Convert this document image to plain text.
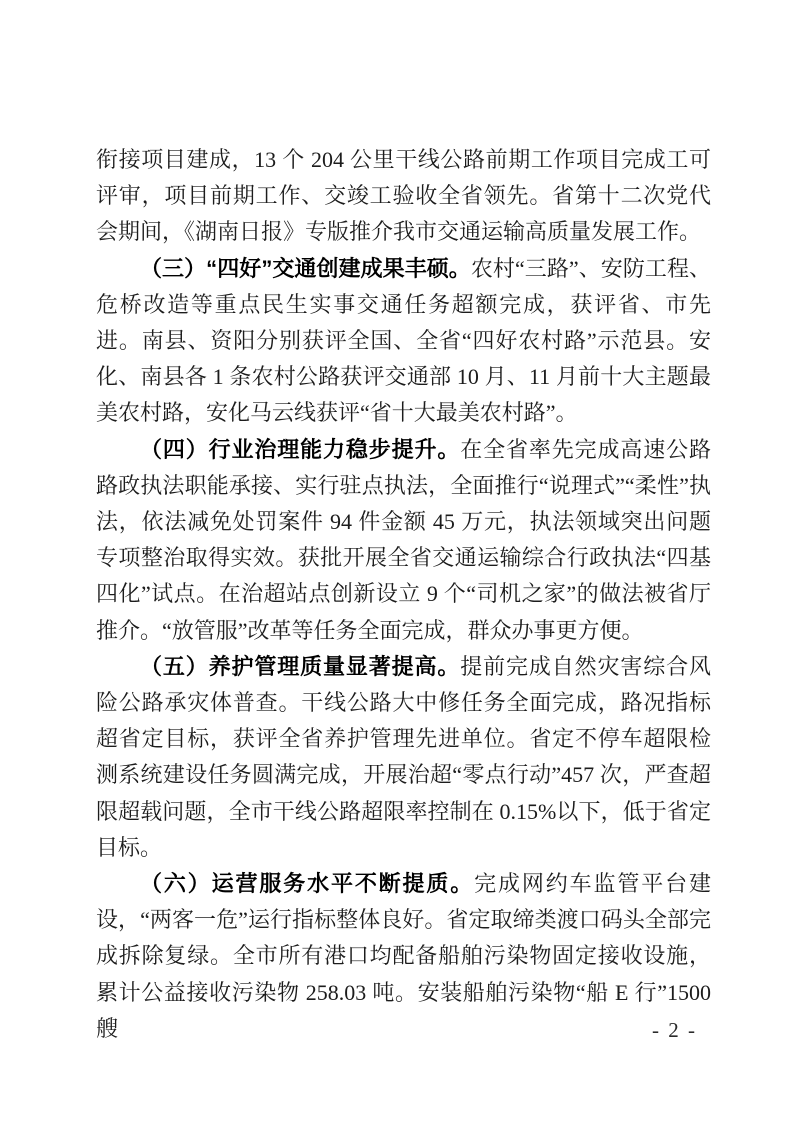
衔接项目建成，13 个 204 公里干线公路前期工作项目完成工可评审，项目前期工作、交竣工验收全省领先。省第十二次党代会期间，《湖南日报》专版推介我市交通运输高质量发展工作。

（三）“四好”交通创建成果丰硕。农村“三路”、安防工程、危桥改造等重点民生实事交通任务超额完成，获评省、市先进。南县、资阳分别获评全国、全省“四好农村路”示范县。安化、南县各 1 条农村公路获评交通部 10 月、11 月前十大主题最美农村路，安化马云线获评“省十大最美农村路”。

（四）行业治理能力稳步提升。在全省率先完成高速公路路政执法职能承接、实行驻点执法，全面推行“说理式”“柔性”执法，依法减免处罚案件 94 件金额 45 万元，执法领域突出问题专项整治取得实效。获批开展全省交通运输综合行政执法“四基四化”试点。在治超站点创新设立 9 个“司机之家”的做法被省厅推介。“放管服”改革等任务全面完成，群众办事更方便。

（五）养护管理质量显著提高。提前完成自然灾害综合风险公路承灾体普查。干线公路大中修任务全面完成，路况指标超省定目标，获评全省养护管理先进单位。省定不停车超限检测系统建设任务圆满完成，开展治超“零点行动”457 次，严查超限超载问题，全市干线公路超限率控制在 0.15%以下，低于省定目标。

（六）运营服务水平不断提质。完成网约车监管平台建设，“两客一危”运行指标整体良好。省定取缔类渡口码头全部完成拆除复绿。全市所有港口均配备船舶污染物固定接收设施，累计公益接收污染物 258.03 吨。安装船舶污染物“船 E 行”1500 艘	- 2 -
